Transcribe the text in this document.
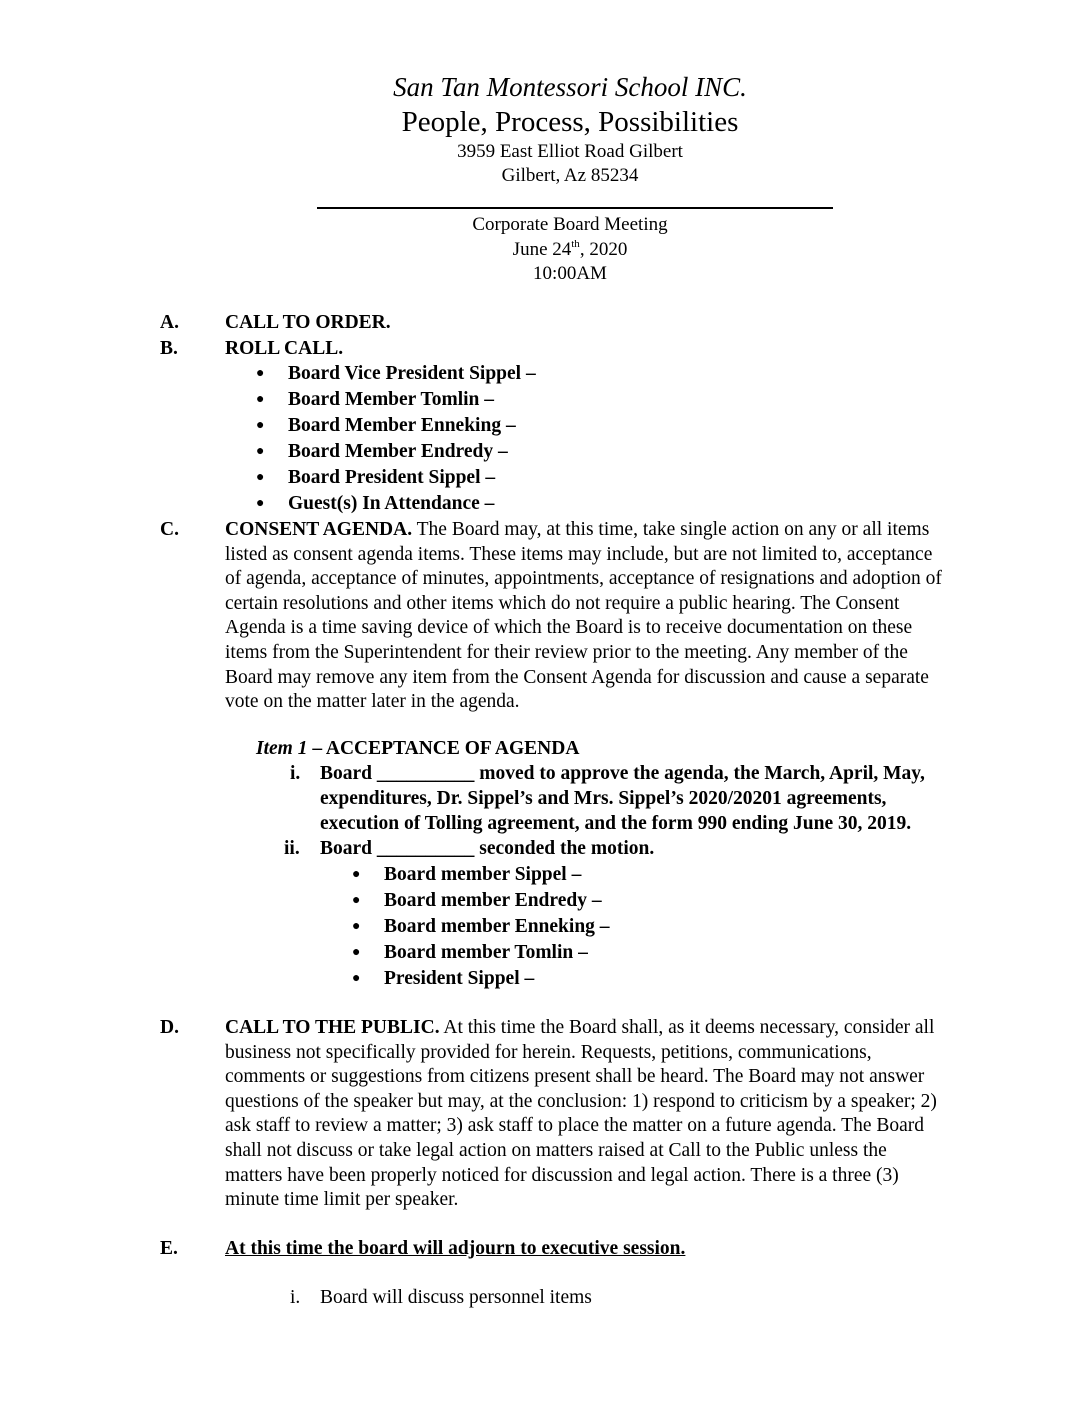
San Tan Montessori School INC.
People, Process, Possibilities
3959 East Elliot Road Gilbert
Gilbert, Az 85234
Corporate Board Meeting
June 24th, 2020
10:00AM
A. CALL TO ORDER.
B. ROLL CALL.
● Board Vice President Sippel –
● Board Member Tomlin –
● Board Member Enneking –
● Board Member Endredy –
● Board President Sippel –
● Guest(s) In Attendance –
C. CONSENT AGENDA. The Board may, at this time, take single action on any or all items
listed as consent agenda items. These items may include, but are not limited to, acceptance
of agenda, acceptance of minutes, appointments, acceptance of resignations and adoption of
certain resolutions and other items which do not require a public hearing. The Consent
Agenda is a time saving device of which the Board is to receive documentation on these
items from the Superintendent for their review prior to the meeting. Any member of the
Board may remove any item from the Consent Agenda for discussion and cause a separate
vote on the matter later in the agenda.
Item 1 – ACCEPTANCE OF AGENDA
i. Board __________ moved to approve the agenda, the March, April, May,
expenditures, Dr. Sippel’s and Mrs. Sippel’s 2020/20201 agreements,
execution of Tolling agreement, and the form 990 ending June 30, 2019.
ii. Board __________ seconded the motion.
● Board member Sippel –
● Board member Endredy –
● Board member Enneking –
● Board member Tomlin –
● President Sippel –
D. CALL TO THE PUBLIC. At this time the Board shall, as it deems necessary, consider all
business not specifically provided for herein. Requests, petitions, communications,
comments or suggestions from citizens present shall be heard. The Board may not answer
questions of the speaker but may, at the conclusion: 1) respond to criticism by a speaker; 2)
ask staff to review a matter; 3) ask staff to place the matter on a future agenda. The Board
shall not discuss or take legal action on matters raised at Call to the Public unless the
matters have been properly noticed for discussion and legal action. There is a three (3)
minute time limit per speaker.
E. At this time the board will adjourn to executive session.
i. Board will discuss personnel items
